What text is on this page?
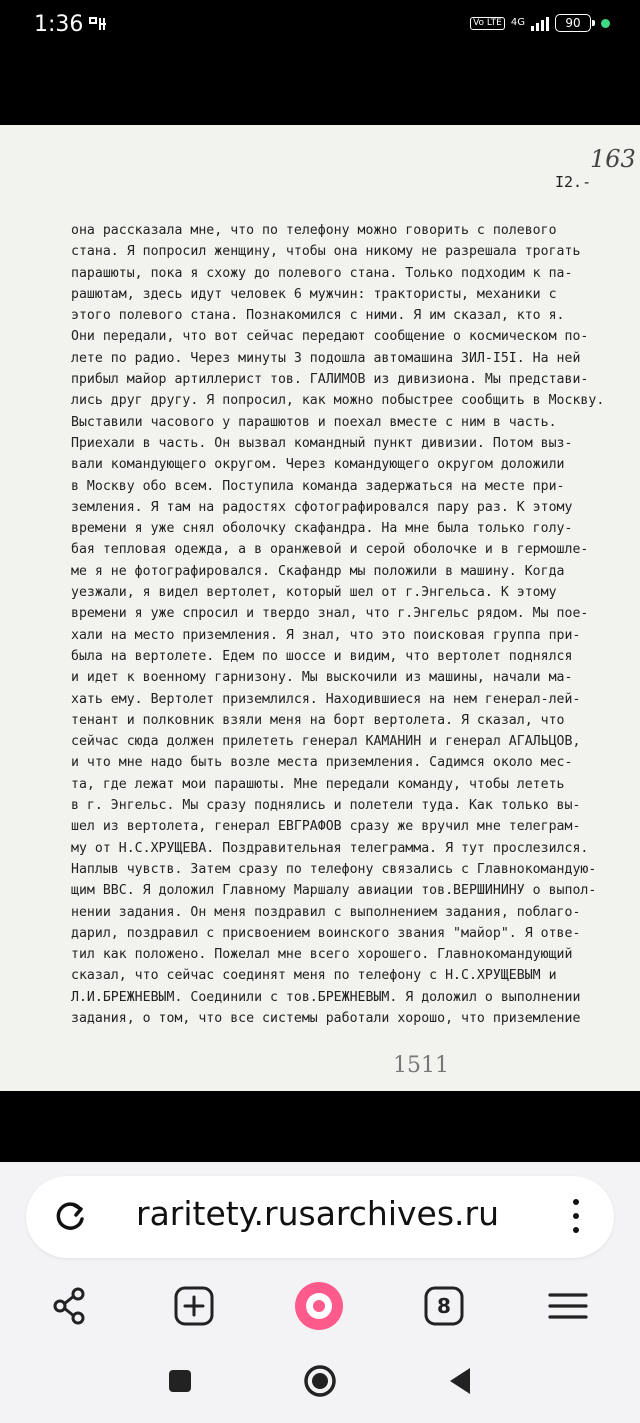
1:36	Vo LTE 4G	90
163
I2.-
она рассказала мне, что по телефону можно говорить с полевого
стана. Я попросил женщину, чтобы она никому не разрешала трогать
парашюты, пока я схожу до полевого стана. Только подходим к па-
рашютам, здесь идут человек 6 мужчин: трактористы, механики с
этого полевого стана. Познакомился с ними. Я им сказал, кто я.
Они передали, что вот сейчас передают сообщение о космическом по-
лете по радио. Через минуты 3 подошла автомашина ЗИЛ-I5I. На ней
прибыл майор артиллерист тов. ГАЛИМОВ из дивизиона. Мы представи-
лись друг другу. Я попросил, как можно побыстрее сообщить в Москву.
Выставили часового у парашютов и поехал вместе с ним в часть.
Приехали в часть. Он вызвал командный пункт дивизии. Потом выз-
вали командующего округом. Через командующего округом доложили
в Москву обо всем. Поступила команда задержаться на месте при-
земления. Я там на радостях сфотографировался пару раз. К этому
времени я уже снял оболочку скафандра. На мне была только голу-
бая тепловая одежда, а в оранжевой и серой оболочке и в гермошле-
ме я не фотографировался. Скафандр мы положили в машину. Когда
уезжали, я видел вертолет, который шел от г.Энгельса. К этому
времени я уже спросил и твердо знал, что г.Энгельс рядом. Мы пое-
хали на место приземления. Я знал, что это поисковая группа при-
была на вертолете. Едем по шоссе и видим, что вертолет поднялся
и идет к военному гарнизону. Мы выскочили из машины, начали ма-
хать ему. Вертолет приземлился. Находившиеся на нем генерал-лей-
тенант и полковник взяли меня на борт вертолета. Я сказал, что
сейчас сюда должен прилететь генерал КАМАНИН и генерал АГАЛЬЦОВ,
и что мне надо быть возле места приземления. Садимся около мес-
та, где лежат мои парашюты. Мне передали команду, чтобы лететь
в г. Энгельс. Мы сразу поднялись и полетели туда. Как только вы-
шел из вертолета, генерал ЕВГРАФОВ сразу же вручил мне телеграм-
му от Н.С.ХРУЩЕВА. Поздравительная телеграмма. Я тут прослезился.
Наплыв чувств. Затем сразу по телефону связались с Главнокомандую-
щим ВВС. Я доложил Главному Маршалу авиации тов.ВЕРШИНИНУ о выпол-
нении задания. Он меня поздравил с выполнением задания, поблаго-
дарил, поздравил с присвоением воинского звания "майор". Я отве-
тил как положено. Пожелал мне всего хорошего. Главнокомандующий
сказал, что сейчас соединят меня по телефону с Н.С.ХРУЩЕВЫМ и
Л.И.БРЕЖНЕВЫМ. Соединили с тов.БРЕЖНЕВЫМ. Я доложил о выполнении
задания, о том, что все системы работали хорошо, что приземление
1511
raritety.rusarchives.ru
8
